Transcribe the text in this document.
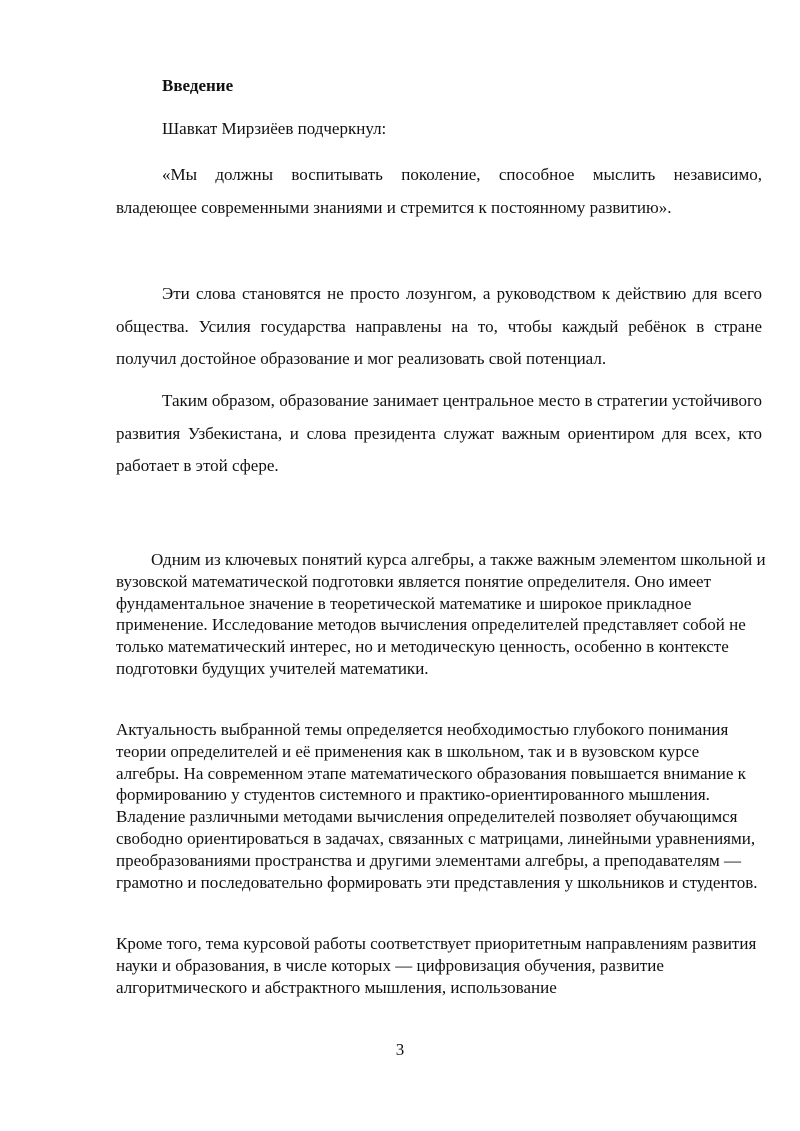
Введение
Шавкат Мирзиёев подчеркнул:

«Мы должны воспитывать поколение, способное мыслить независимо, владеющее современными знаниями и стремится к постоянному развитию».

Эти слова становятся не просто лозунгом, а руководством к действию для всего общества. Усилия государства направлены на то, чтобы каждый ребёнок в стране получил достойное образование и мог реализовать свой потенциал.

Таким образом, образование занимает центральное место в стратегии устойчивого развития Узбекистана, и слова президента служат важным ориентиром для всех, кто работает в этой сфере.

Одним из ключевых понятий курса алгебры, а также важным элементом школьной и вузовской математической подготовки является понятие определителя. Оно имеет фундаментальное значение в теоретической математике и широкое прикладное применение. Исследование методов вычисления определителей представляет собой не только математический интерес, но и методическую ценность, особенно в контексте подготовки будущих учителей математики.

Актуальность выбранной темы определяется необходимостью глубокого понимания теории определителей и её применения как в школьном, так и в вузовском курсе алгебры. На современном этапе математического образования повышается внимание к формированию у студентов системного и практико-ориентированного мышления. Владение различными методами вычисления определителей позволяет обучающимся свободно ориентироваться в задачах, связанных с матрицами, линейными уравнениями, преобразованиями пространства и другими элементами алгебры, а преподавателям — грамотно и последовательно формировать эти представления у школьников и студентов.

Кроме того, тема курсовой работы соответствует приоритетным направлениям развития науки и образования, в числе которых — цифровизация обучения, развитие алгоритмического и абстрактного мышления, использование

3
